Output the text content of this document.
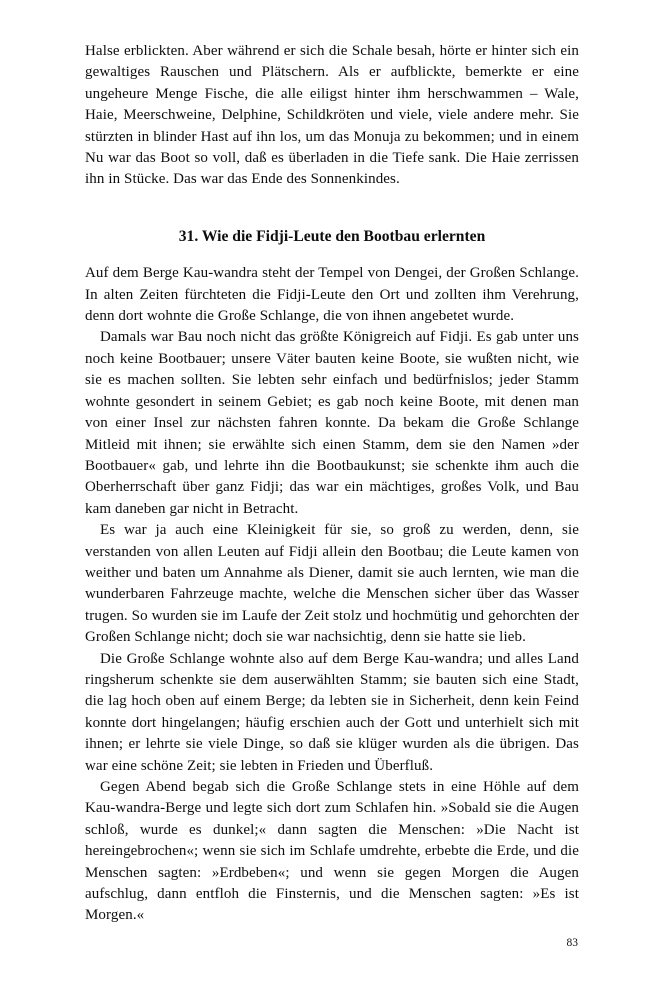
Halse erblickten. Aber während er sich die Schale besah, hörte er hinter sich ein gewaltiges Rauschen und Plätschern. Als er aufblickte, bemerkte er eine ungeheure Menge Fische, die alle eiligst hinter ihm herschwammen – Wale, Haie, Meerschweine, Delphine, Schildkröten und viele, viele andere mehr. Sie stürzten in blinder Hast auf ihn los, um das Monuja zu bekommen; und in einem Nu war das Boot so voll, daß es überladen in die Tiefe sank. Die Haie zerrissen ihn in Stücke. Das war das Ende des Sonnenkindes.

31. Wie die Fidji-Leute den Bootbau erlernten

Auf dem Berge Kau-wandra steht der Tempel von Dengei, der Großen Schlange. In alten Zeiten fürchteten die Fidji-Leute den Ort und zollten ihm Verehrung, denn dort wohnte die Große Schlange, die von ihnen angebetet wurde.

Damals war Bau noch nicht das größte Königreich auf Fidji. Es gab unter uns noch keine Bootbauer; unsere Väter bauten keine Boote, sie wußten nicht, wie sie es machen sollten. Sie lebten sehr einfach und bedürfnislos; jeder Stamm wohnte gesondert in seinem Gebiet; es gab noch keine Boote, mit denen man von einer Insel zur nächsten fahren konnte. Da bekam die Große Schlange Mitleid mit ihnen; sie erwählte sich einen Stamm, dem sie den Namen »der Bootbauer« gab, und lehrte ihn die Bootbaukunst; sie schenkte ihm auch die Oberherrschaft über ganz Fidji; das war ein mächtiges, großes Volk, und Bau kam daneben gar nicht in Betracht.

Es war ja auch eine Kleinigkeit für sie, so groß zu werden, denn, sie verstanden von allen Leuten auf Fidji allein den Bootbau; die Leute kamen von weither und baten um Annahme als Diener, damit sie auch lernten, wie man die wunderbaren Fahrzeuge machte, welche die Menschen sicher über das Wasser trugen. So wurden sie im Laufe der Zeit stolz und hochmütig und gehorchten der Großen Schlange nicht; doch sie war nachsichtig, denn sie hatte sie lieb.

Die Große Schlange wohnte also auf dem Berge Kau-wandra; und alles Land ringsherum schenkte sie dem auserwählten Stamm; sie bauten sich eine Stadt, die lag hoch oben auf einem Berge; da lebten sie in Sicherheit, denn kein Feind konnte dort hingelangen; häufig erschien auch der Gott und unterhielt sich mit ihnen; er lehrte sie viele Dinge, so daß sie klüger wurden als die übrigen. Das war eine schöne Zeit; sie lebten in Frieden und Überfluß.

Gegen Abend begab sich die Große Schlange stets in eine Höhle auf dem Kau-wandra-Berge und legte sich dort zum Schlafen hin. »Sobald sie die Augen schloß, wurde es dunkel;« dann sagten die Menschen: »Die Nacht ist hereingebrochen«; wenn sie sich im Schlafe umdrehte, erbebte die Erde, und die Menschen sagten: »Erdbeben«; und wenn sie gegen Morgen die Augen aufschlug, dann entfloh die Finsternis, und die Menschen sagten: »Es ist Morgen.«

83
